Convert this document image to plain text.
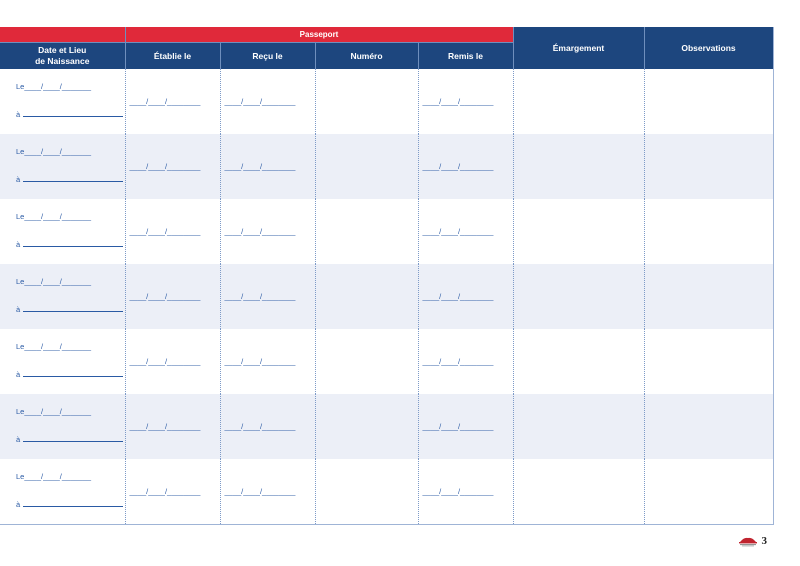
	Passeport				Émargement	Observations
Date et Lieu
de Naissance	Établie le	Reçu le	Numéro	Remis le		

Le____/____/_______
à	____/____/________	____/____/________		____/____/________		

Le____/____/_______
à	____/____/________	____/____/________		____/____/________		

Le____/____/_______
à	____/____/________	____/____/________		____/____/________		

Le____/____/_______
à	____/____/________	____/____/________		____/____/________		

Le____/____/_______
à	____/____/________	____/____/________		____/____/________		

Le____/____/_______
à	____/____/________	____/____/________		____/____/________		

Le____/____/_______
à	____/____/________	____/____/________		____/____/________		

3
